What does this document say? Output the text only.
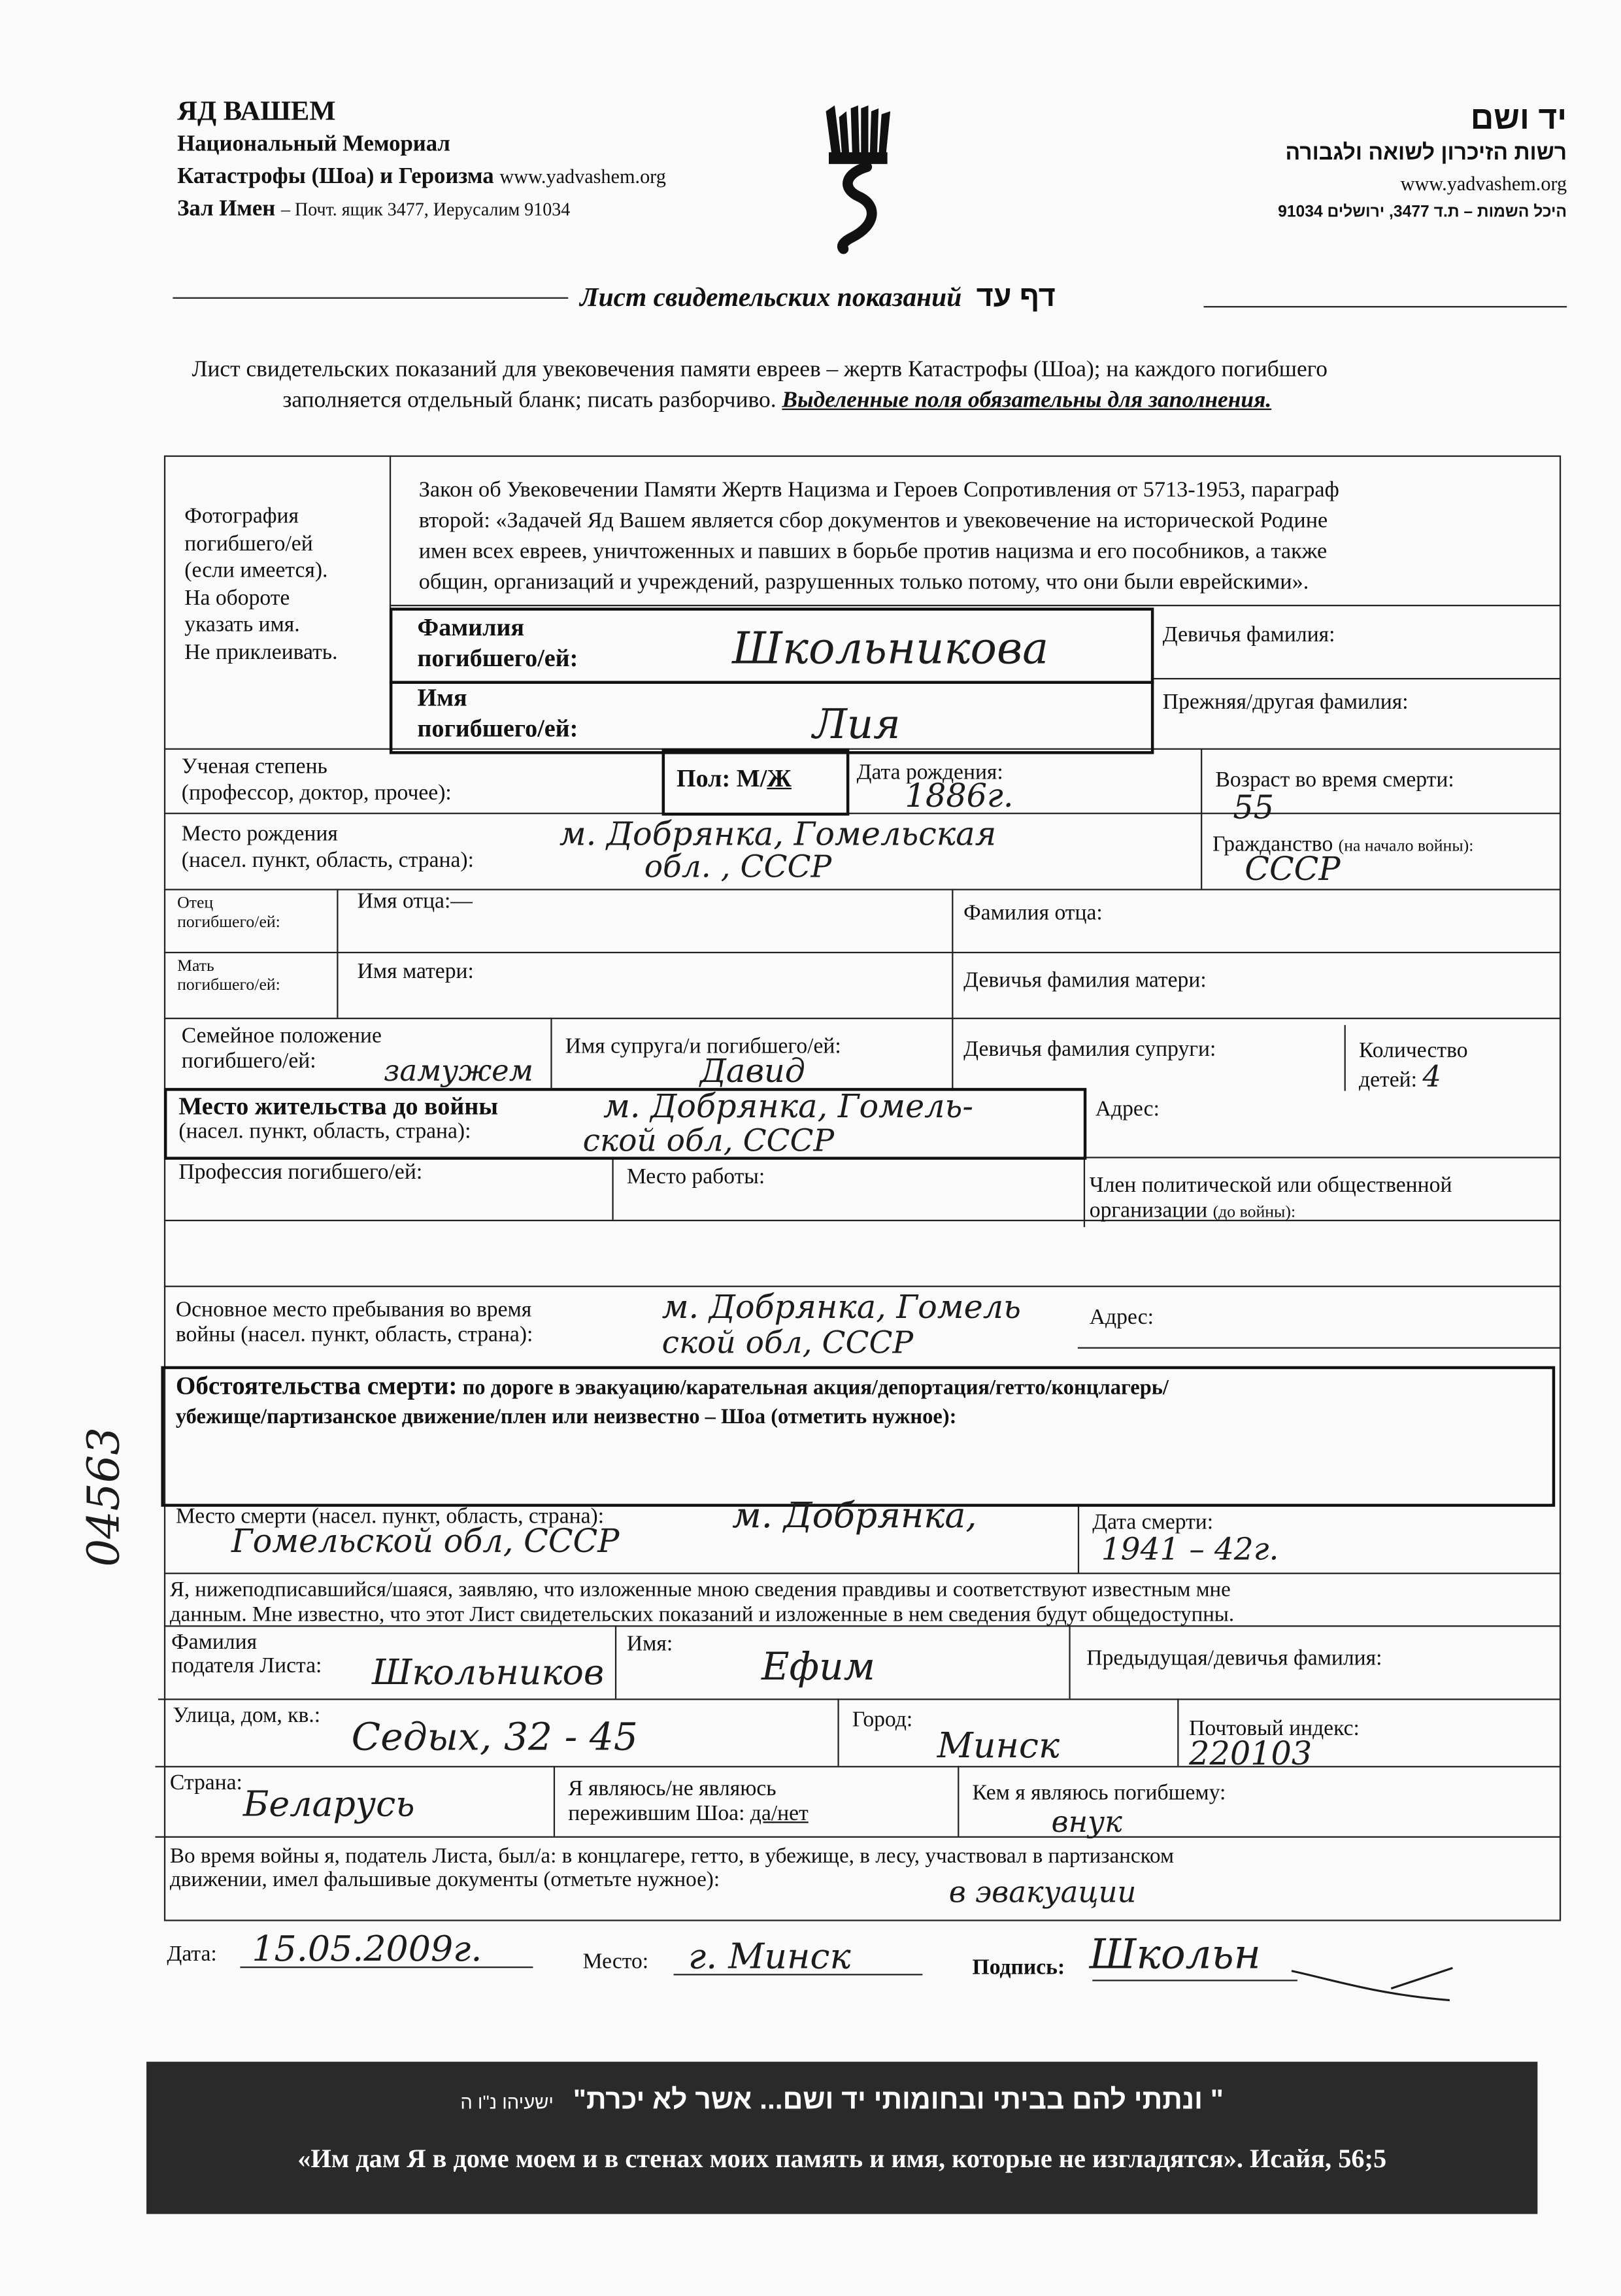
ЯД ВАШЕМ
Национальный Мемориал
Катастрофы (Шоа) и Героизма www.yadvashem.org
Зал Имен – Почт. ящик 3477, Иерусалим 91034
יד ושם
רשות הזיכרון לשואה ולגבורה
www.yadvashem.org
היכל השמות – ת.ד 3477, ירושלים 91034
Лист свидетельских показаний דף עד
Лист свидетельских показаний для увековечения памяти евреев – жертв Катастрофы (Шоа); на каждого погибшего
заполняется отдельный бланк; писать разборчиво. Выделенные поля обязательны для заполнения.
Фотография
погибшего/ей
(если имеется).
На обороте
указать имя.
Не приклеивать.
Закон об Увековечении Памяти Жертв Нацизма и Героев Сопротивления от 5713-1953, параграф
второй: «Задачей Яд Вашем является сбор документов и увековечение на исторической Родине
имен всех евреев, уничтоженных и павших в борьбе против нацизма и его пособников, а также
общин, организаций и учреждений, разрушенных только потому, что они были еврейскими».
Фамилия
погибшего/ей:	Школьникова	Девичья фамилия:
Имя
погибшего/ей:	Лия	Прежняя/другая фамилия:
Ученая степень
(профессор, доктор, прочее):
Пол: М/Ж	Дата рождения:
1886г.	Возраст во время смерти:
55
Место рождения
(насел. пункт, область, страна):
м. Добрянка, Гомельская
обл. , СССР
Гражданство (на начало войны):
СССР
Отец
погибшего/ей:
Имя отца:—
Фамилия отца:
Мать
погибшего/ей:
Имя матери:	Девичья фамилия матери:
Семейное положение
погибшего/ей:	замужем
Имя супруга/и погибшего/ей:
Давид
Девичья фамилия супруги:	Количество
детей: 4
Место жительства до войны
(насел. пункт, область, страна):
м. Добрянка, Гомель-
ской обл, СССР
Адрес:
Профессия погибшего/ей:	Место работы:	Член политической или общественной
организации (до войны):
Основное место пребывания во время
войны (насел. пункт, область, страна):
м. Добрянка, Гомель
ской обл, СССР
Адрес:
Обстоятельства смерти: по дороге в эвакуацию/карательная акция/депортация/гетто/концлагерь/
убежище/партизанское движение/плен или неизвестно – Шоа (отметить нужное):
Место смерти (насел. пункт, область, страна):	м. Добрянка,
Гомельской обл, СССР
Дата смерти:
1941 – 42г.
Я, нижеподписавшийся/шаяся, заявляю, что изложенные мною сведения правдивы и соответствуют известным мне
данным. Мне известно, что этот Лист свидетельских показаний и изложенные в нем сведения будут общедоступны.
Фамилия
подателя Листа:	Школьников
Имя:
Ефим	Предыдущая/девичья фамилия:
Улица, дом, кв.:
Седых, 32 - 45	Город:
Минск	Почтовый индекс:
220103
Страна: Беларусь	Я являюсь/не являюсь
пережившим Шоа: да/нет
Кем я являюсь погибшему:
внук
Во время войны я, податель Листа, был/а: в концлагере, гетто, в убежище, в лесу, участвовал в партизанском
движении, имел фальшивые документы (отметьте нужное):	в эвакуации
Дата: 15.05.2009г.	Место:	г. Минск	Подпись: Школьн
04563
" ונתתי להם בביתי ובחומותי יד ושם... אשר לא יכרת" ישעיהו נ"ו ה
«Им дам Я в доме моем и в стенах моих память и имя, которые не изгладятся». Исайя, 56;5
